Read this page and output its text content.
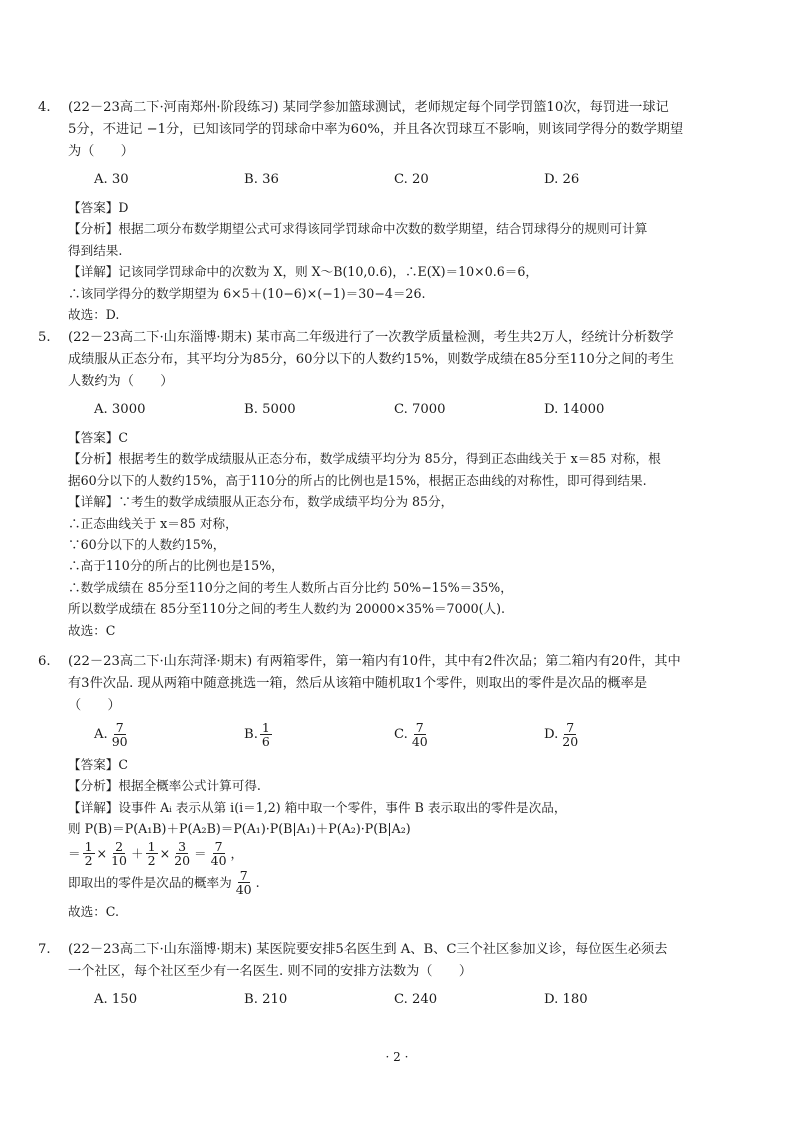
4. (22－23高二下·河南郑州·阶段练习) 某同学参加篮球测试，老师规定每个同学罚篮10次，每罚进一球记
5分，不进记 −1分，已知该同学的罚球命中率为60%，并且各次罚球互不影响，则该同学得分的数学期望
为（　　）
A. 30	B. 36	C. 20	D. 26
【答案】D
【分析】根据二项分布数学期望公式可求得该同学罚球命中次数的数学期望，结合罚球得分的规则可计算
得到结果.
【详解】记该同学罚球命中的次数为 X，则 X～B(10,0.6)，∴E(X)＝10×0.6＝6，
∴该同学得分的数学期望为 6×5＋(10−6)×(−1)＝30−4＝26.
故选：D.
5. (22－23高二下·山东淄博·期末) 某市高二年级进行了一次教学质量检测，考生共2万人，经统计分析数学
成绩服从正态分布，其平均分为85分，60分以下的人数约15%，则数学成绩在85分至110分之间的考生
人数约为（　　）
A. 3000	B. 5000	C. 7000	D. 14000
【答案】C
【分析】根据考生的数学成绩服从正态分布，数学成绩平均分为 85分，得到正态曲线关于 x＝85 对称，根
据60分以下的人数约15%，高于110分的所占的比例也是15%，根据正态曲线的对称性，即可得到结果.
【详解】∵考生的数学成绩服从正态分布，数学成绩平均分为 85分，
∴正态曲线关于 x＝85 对称，
∵60分以下的人数约15%，
∴高于110分的所占的比例也是15%，
∴数学成绩在 85分至110分之间的考生人数所占百分比约 50%−15%＝35%，
所以数学成绩在 85分至110分之间的考生人数约为 20000×35%＝7000(人).
故选：C
6. (22－23高二下·山东菏泽·期末) 有两箱零件，第一箱内有10件，其中有2件次品；第二箱内有20件，其中
有3件次品. 现从两箱中随意挑选一箱，然后从该箱中随机取1个零件，则取出的零件是次品的概率是
（　　）
A. $\frac{7}{90}$	B. $\frac{1}{6}$	C. $\frac{7}{40}$	D. $\frac{7}{20}$
【答案】C
【分析】根据全概率公式计算可得.
【详解】设事件 Aᵢ 表示从第 i(i＝1,2) 箱中取一个零件，事件 B 表示取出的零件是次品，
则 P(B)＝P(A₁B)＋P(A₂B)＝P(A₁)·P(B|A₁)＋P(A₂)·P(B|A₂)
＝ $\frac{1}{2} \times \frac{2}{10} + \frac{1}{2} \times \frac{3}{20} = \frac{7}{40}$ ，
即取出的零件是次品的概率为 $\frac{7}{40}$ .
故选：C.
7. (22－23高二下·山东淄博·期末) 某医院要安排5名医生到 A、B、C三个社区参加义诊，每位医生必须去
一个社区，每个社区至少有一名医生. 则不同的安排方法数为（　　）
A. 150	B. 210	C. 240	D. 180
· 2 ·
